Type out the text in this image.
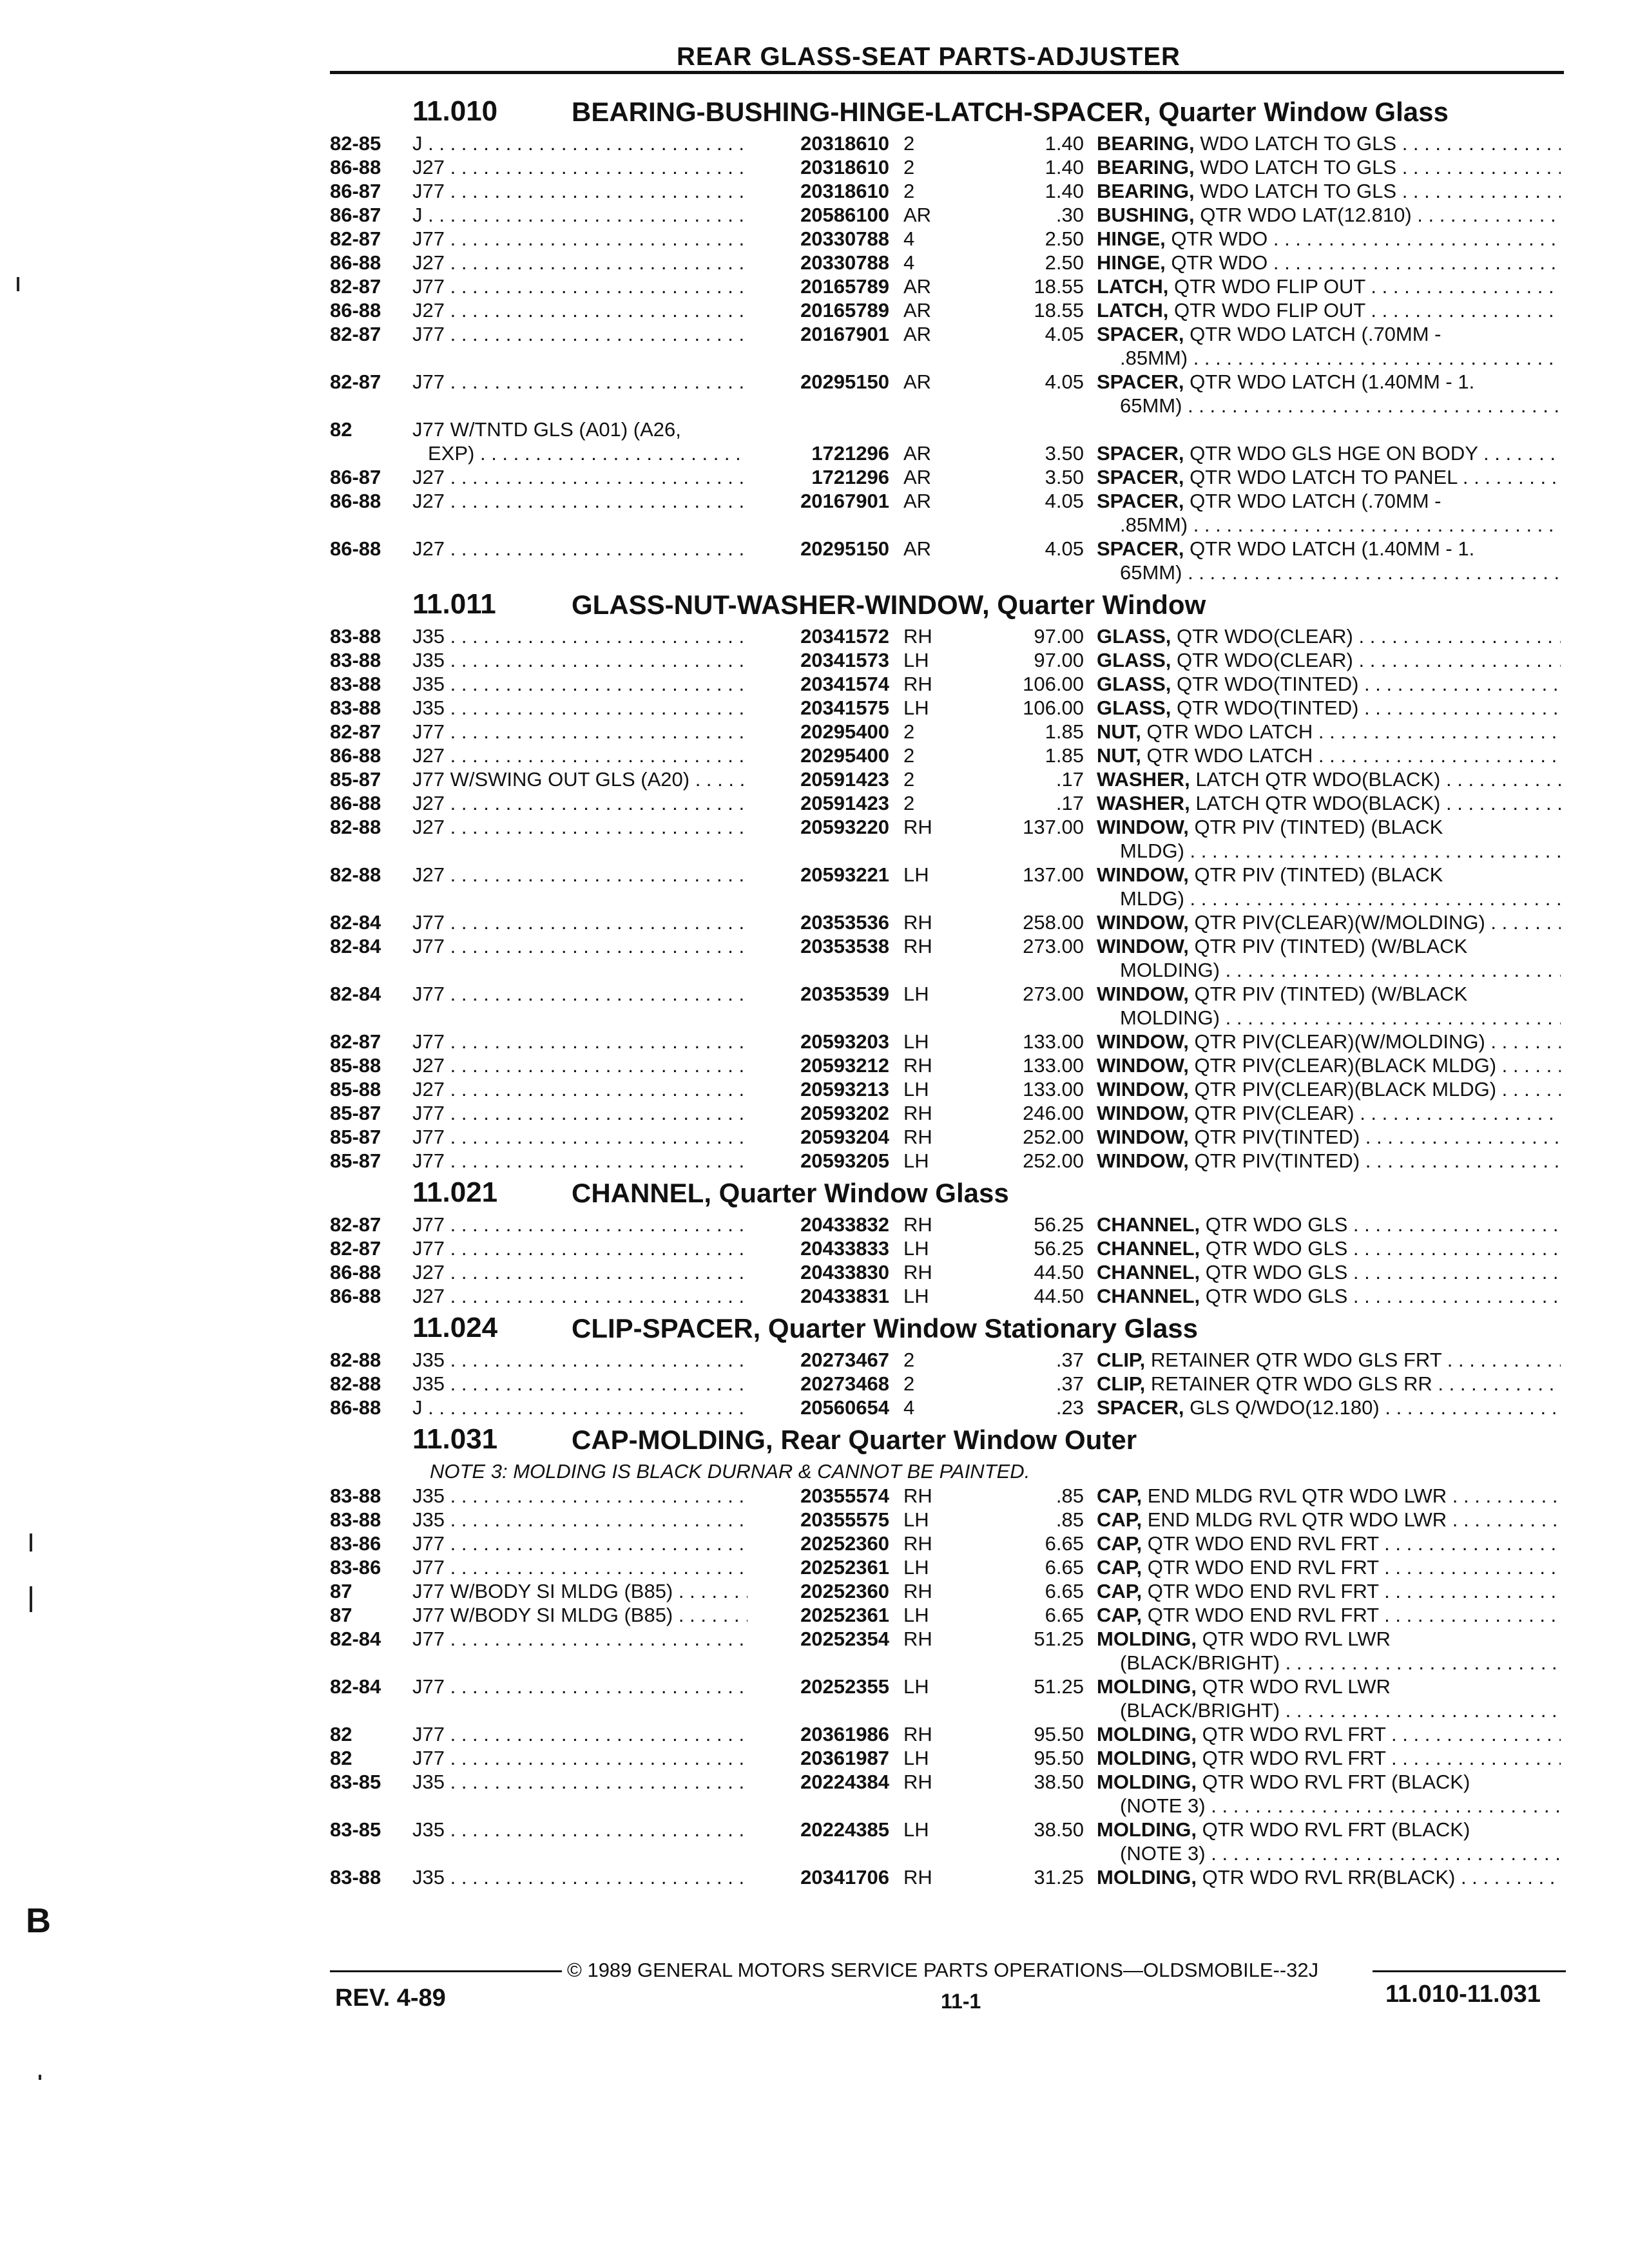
REAR GLASS-SEAT PARTS-ADJUSTER
11.010	BEARING-BUSHING-HINGE-LATCH-SPACER, Quarter Window Glass
82-85	J . . .	20318610 2	1.40 BEARING, WDO LATCH TO GLS . . .
86-88	J27 . . .	20318610 2	1.40 BEARING, WDO LATCH TO GLS . . .
86-87	J77 . . .	20318610 2	1.40 BEARING, WDO LATCH TO GLS . . .
86-87	J . . .	20586100 AR	.30 BUSHING, QTR WDO LAT(12.810) . . .
82-87	J77 . . .	20330788 4	2.50 HINGE, QTR WDO . . .
86-88	J27 . . .	20330788 4	2.50 HINGE, QTR WDO . . .
82-87	J77 . . .	20165789 AR	18.55 LATCH, QTR WDO FLIP OUT . . .
86-88	J27 . . .	20165789 AR	18.55 LATCH, QTR WDO FLIP OUT . . .
82-87	J77 . . .	20167901 AR	4.05 SPACER, QTR WDO LATCH (.70MM -
.85MM) . . .
82-87	J77 . . .	20295150 AR	4.05 SPACER, QTR WDO LATCH (1.40MM - 1.
65MM) . . .
82	J77 W/TNTD GLS (A01) (A26,
EXP) . . .	1721296 AR	3.50 SPACER, QTR WDO GLS HGE ON BODY . . .
86-87	J27 . . .	1721296 AR	3.50 SPACER, QTR WDO LATCH TO PANEL . . .
86-88	J27 . . .	20167901 AR	4.05 SPACER, QTR WDO LATCH (.70MM -
.85MM) . . .
86-88	J27 . . .	20295150 AR	4.05 SPACER, QTR WDO LATCH (1.40MM - 1.
65MM) . . .
11.011	GLASS-NUT-WASHER-WINDOW, Quarter Window
83-88	J35 . . .	20341572 RH	97.00 GLASS, QTR WDO(CLEAR) . . .
83-88	J35 . . .	20341573 LH	97.00 GLASS, QTR WDO(CLEAR) . . .
83-88	J35 . . .	20341574 RH	106.00 GLASS, QTR WDO(TINTED) . . .
83-88	J35 . . .	20341575 LH	106.00 GLASS, QTR WDO(TINTED) . . .
82-87	J77 . . .	20295400 2	1.85 NUT, QTR WDO LATCH . . .
86-88	J27 . . .	20295400 2	1.85 NUT, QTR WDO LATCH . . .
85-87	J77 W/SWING OUT GLS (A20) . . .	20591423 2	.17 WASHER, LATCH QTR WDO(BLACK) . . .
86-88	J27 . . .	20591423 2	.17 WASHER, LATCH QTR WDO(BLACK) . . .
82-88	J27 . . .	20593220 RH	137.00 WINDOW, QTR PIV (TINTED) (BLACK
MLDG) . . .
82-88	J27 . . .	20593221 LH	137.00 WINDOW, QTR PIV (TINTED) (BLACK
MLDG) . . .
82-84	J77 . . .	20353536 RH	258.00 WINDOW, QTR PIV(CLEAR)(W/MOLDING) . . .
82-84	J77 . . .	20353538 RH	273.00 WINDOW, QTR PIV (TINTED) (W/BLACK
MOLDING) . . .
82-84	J77 . . .	20353539 LH	273.00 WINDOW, QTR PIV (TINTED) (W/BLACK
MOLDING) . . .
82-87	J77 . . .	20593203 LH	133.00 WINDOW, QTR PIV(CLEAR)(W/MOLDING) . . .
85-88	J27 . . .	20593212 RH	133.00 WINDOW, QTR PIV(CLEAR)(BLACK MLDG) . . .
85-88	J27 . . .	20593213 LH	133.00 WINDOW, QTR PIV(CLEAR)(BLACK MLDG) . . .
85-87	J77 . . .	20593202 RH	246.00 WINDOW, QTR PIV(CLEAR) . . .
85-87	J77 . . .	20593204 RH	252.00 WINDOW, QTR PIV(TINTED) . . .
85-87	J77 . . .	20593205 LH	252.00 WINDOW, QTR PIV(TINTED) . . .
11.021	CHANNEL, Quarter Window Glass
82-87	J77 . . .	20433832 RH	56.25 CHANNEL, QTR WDO GLS . . .
82-87	J77 . . .	20433833 LH	56.25 CHANNEL, QTR WDO GLS . . .
86-88	J27 . . .	20433830 RH	44.50 CHANNEL, QTR WDO GLS . . .
86-88	J27 . . .	20433831 LH	44.50 CHANNEL, QTR WDO GLS . . .
11.024	CLIP-SPACER, Quarter Window Stationary Glass
82-88	J35 . . .	20273467 2	.37 CLIP, RETAINER QTR WDO GLS FRT . . .
82-88	J35 . . .	20273468 2	.37 CLIP, RETAINER QTR WDO GLS RR . . .
86-88	J . . .	20560654 4	.23 SPACER, GLS Q/WDO(12.180) . . .
11.031	CAP-MOLDING, Rear Quarter Window Outer
NOTE 3: MOLDING IS BLACK DURNAR & CANNOT BE PAINTED.
83-88	J35 . . .	20355574 RH	.85 CAP, END MLDG RVL QTR WDO LWR . . .
83-88	J35 . . .	20355575 LH	.85 CAP, END MLDG RVL QTR WDO LWR . . .
83-86	J77 . . .	20252360 RH	6.65 CAP, QTR WDO END RVL FRT . . .
83-86	J77 . . .	20252361 LH	6.65 CAP, QTR WDO END RVL FRT . . .
87	J77 W/BODY SI MLDG (B85) . . .	20252360 RH	6.65 CAP, QTR WDO END RVL FRT . . .
87	J77 W/BODY SI MLDG (B85) . . .	20252361 LH	6.65 CAP, QTR WDO END RVL FRT . . .
82-84	J77 . . .	20252354 RH	51.25 MOLDING, QTR WDO RVL LWR
(BLACK/BRIGHT) . . .
82-84	J77 . . .	20252355 LH	51.25 MOLDING, QTR WDO RVL LWR
(BLACK/BRIGHT) . . .
82	J77 . . .	20361986 RH	95.50 MOLDING, QTR WDO RVL FRT . . .
82	J77 . . .	20361987 LH	95.50 MOLDING, QTR WDO RVL FRT . . .
83-85	J35 . . .	20224384 RH	38.50 MOLDING, QTR WDO RVL FRT (BLACK)
(NOTE 3) . . .
83-85	J35 . . .	20224385 LH	38.50 MOLDING, QTR WDO RVL FRT (BLACK)
(NOTE 3) . . .
83-88	J35 . . .	20341706 RH	31.25 MOLDING, QTR WDO RVL RR(BLACK) . . .
© 1989 GENERAL MOTORS SERVICE PARTS OPERATIONS—OLDSMOBILE--32J
REV. 4-89	11-1	11.010-11.031
B
